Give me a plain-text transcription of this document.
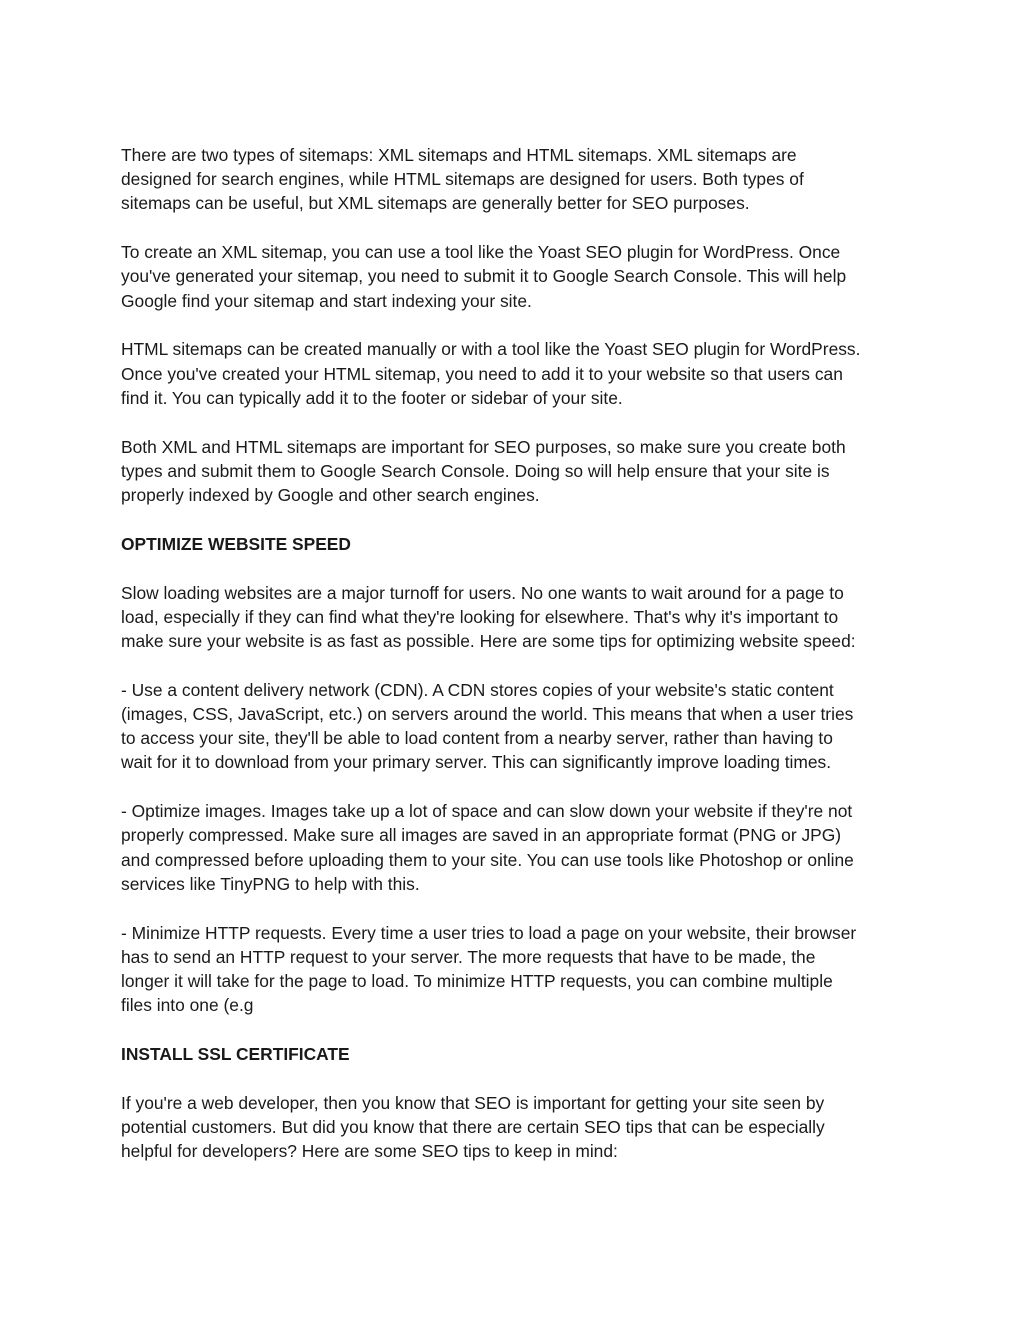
There are two types of sitemaps: XML sitemaps and HTML sitemaps. XML sitemaps are
designed for search engines, while HTML sitemaps are designed for users. Both types of
sitemaps can be useful, but XML sitemaps are generally better for SEO purposes.

To create an XML sitemap, you can use a tool like the Yoast SEO plugin for WordPress. Once
you've generated your sitemap, you need to submit it to Google Search Console. This will help
Google find your sitemap and start indexing your site.

HTML sitemaps can be created manually or with a tool like the Yoast SEO plugin for WordPress.
Once you've created your HTML sitemap, you need to add it to your website so that users can
find it. You can typically add it to the footer or sidebar of your site.

Both XML and HTML sitemaps are important for SEO purposes, so make sure you create both
types and submit them to Google Search Console. Doing so will help ensure that your site is
properly indexed by Google and other search engines.

OPTIMIZE WEBSITE SPEED

Slow loading websites are a major turnoff for users. No one wants to wait around for a page to
load, especially if they can find what they're looking for elsewhere. That's why it's important to
make sure your website is as fast as possible. Here are some tips for optimizing website speed:

- Use a content delivery network (CDN). A CDN stores copies of your website's static content
(images, CSS, JavaScript, etc.) on servers around the world. This means that when a user tries
to access your site, they'll be able to load content from a nearby server, rather than having to
wait for it to download from your primary server. This can significantly improve loading times.

- Optimize images. Images take up a lot of space and can slow down your website if they're not
properly compressed. Make sure all images are saved in an appropriate format (PNG or JPG)
and compressed before uploading them to your site. You can use tools like Photoshop or online
services like TinyPNG to help with this.

- Minimize HTTP requests. Every time a user tries to load a page on your website, their browser
has to send an HTTP request to your server. The more requests that have to be made, the
longer it will take for the page to load. To minimize HTTP requests, you can combine multiple
files into one (e.g

INSTALL SSL CERTIFICATE

If you're a web developer, then you know that SEO is important for getting your site seen by
potential customers. But did you know that there are certain SEO tips that can be especially
helpful for developers? Here are some SEO tips to keep in mind:
